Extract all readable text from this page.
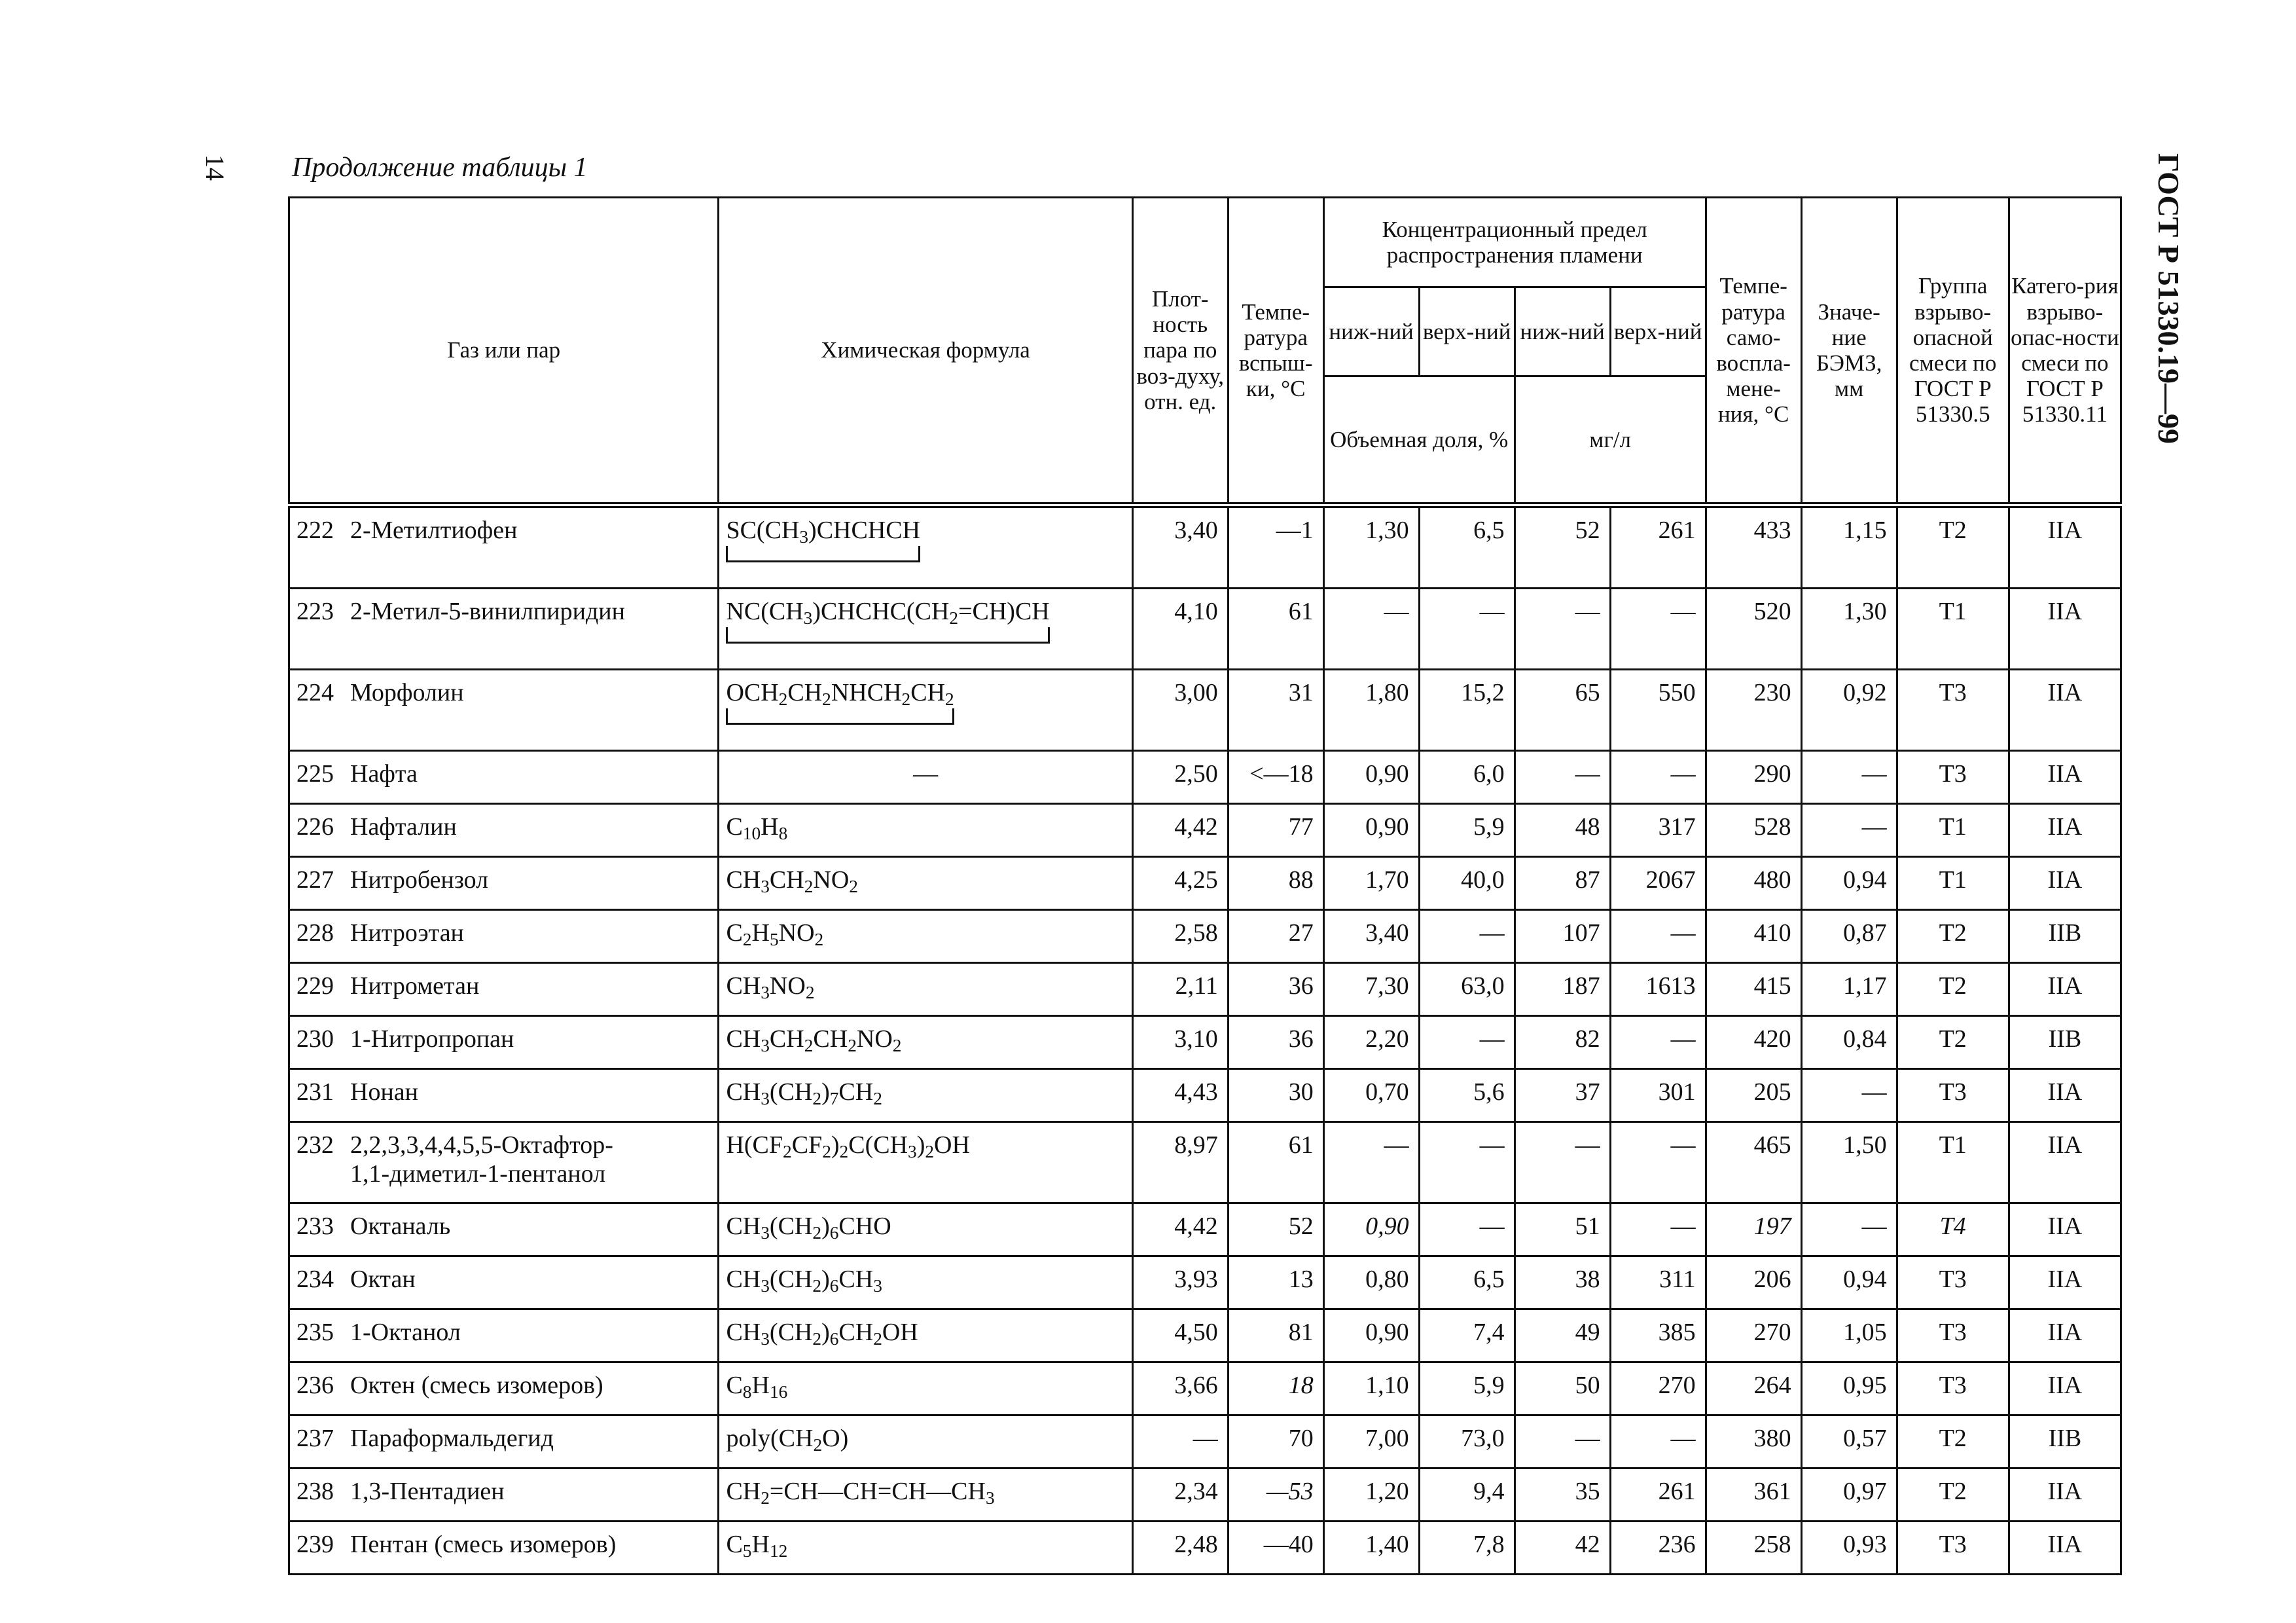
14 Продолжение таблицы 1	ГОСТ Р 51330.19—99
Газ или пар	Химическая формула	Плот-ность пара по воз-духу, отн. ед.	Темпе-ратура вспыш-ки, °С	Концентрационный предел распространения пламени				Темпе-ратура само-воспла-мене-ния, °С	Значе-ние БЭМЗ, мм	Группа взрыво-опасной смеси по ГОСТ Р 51330.5	Катего-рия взрыво-опас-ности смеси по ГОСТ Р 51330.11
				ниж-ний	верх-ний	ниж-ний	верх-ний				
				Объемная доля, %		мг/л					
222 2-Метилтиофен	$SC(CH_3)CHCHCH$	3,40	—1	1,30	6,5	52	261	433	1,15	Т2	IIA
223 2-Метил-5-винилпиридин	$NC(CH_3)CHCHC(CH_2=CH)CH$	4,10	61	—	—	—	—	520	1,30	Т1	IIA
224 Морфолин	$OCH_2CH_2NHCH_2CH_2$	3,00	31	1,80	15,2	65	550	230	0,92	Т3	IIA
225 Нафта	—	2,50	<—18	0,90	6,0	—	—	290	—	Т3	IIA
226 Нафталин	$C_{10}H_8$	4,42	77	0,90	5,9	48	317	528	—	Т1	IIA
227 Нитробензол	$CH_3CH_2NO_2$	4,25	88	1,70	40,0	87	2067	480	0,94	Т1	IIA
228 Нитроэтан	$C_2H_5NO_2$	2,58	27	3,40	—	107	—	410	0,87	Т2	IIB
229 Нитрометан	$CH_3NO_2$	2,11	36	7,30	63,0	187	1613	415	1,17	Т2	IIA
230 1-Нитропропан	$CH_3CH_2CH_2NO_2$	3,10	36	2,20	—	82	—	420	0,84	Т2	IIB
231 Нонан	$CH_3(CH_2)_7CH_2$	4,43	30	0,70	5,6	37	301	205	—	Т3	IIA
232 2,2,3,3,4,4,5,5-Октафтор-
1,1-диметил-1-пентанол	$H(CF_2CF_2)_2C(CH_3)_2OH$	8,97	61	—	—	—	—	465	1,50	Т1	IIA
233 Октаналь	$CH_3(CH_2)_6CHO$	4,42	52	0,90	—	51	—	197	—	Т4	IIA
234 Октан	$CH_3(CH_2)_6CH_3$	3,93	13	0,80	6,5	38	311	206	0,94	Т3	IIA
235 1-Октанол	$CH_3(CH_2)_6CH_2OH$	4,50	81	0,90	7,4	49	385	270	1,05	Т3	IIA
236 Октен (смесь изомеров)	$C_8H_{16}$	3,66	18	1,10	5,9	50	270	264	0,95	Т3	IIA
237 Параформальдегид	$poly(CH_2O)$	—	70	7,00	73,0	—	—	380	0,57	Т2	IIB
238 1,3-Пентадиен	$CH_2=CH—CH=CH—CH_3$	2,34	—53	1,20	9,4	35	261	361	0,97	Т2	IIA
239 Пентан (смесь изомеров)	$C_5H_{12}$	2,48	—40	1,40	7,8	42	236	258	0,93	Т3	IIA
